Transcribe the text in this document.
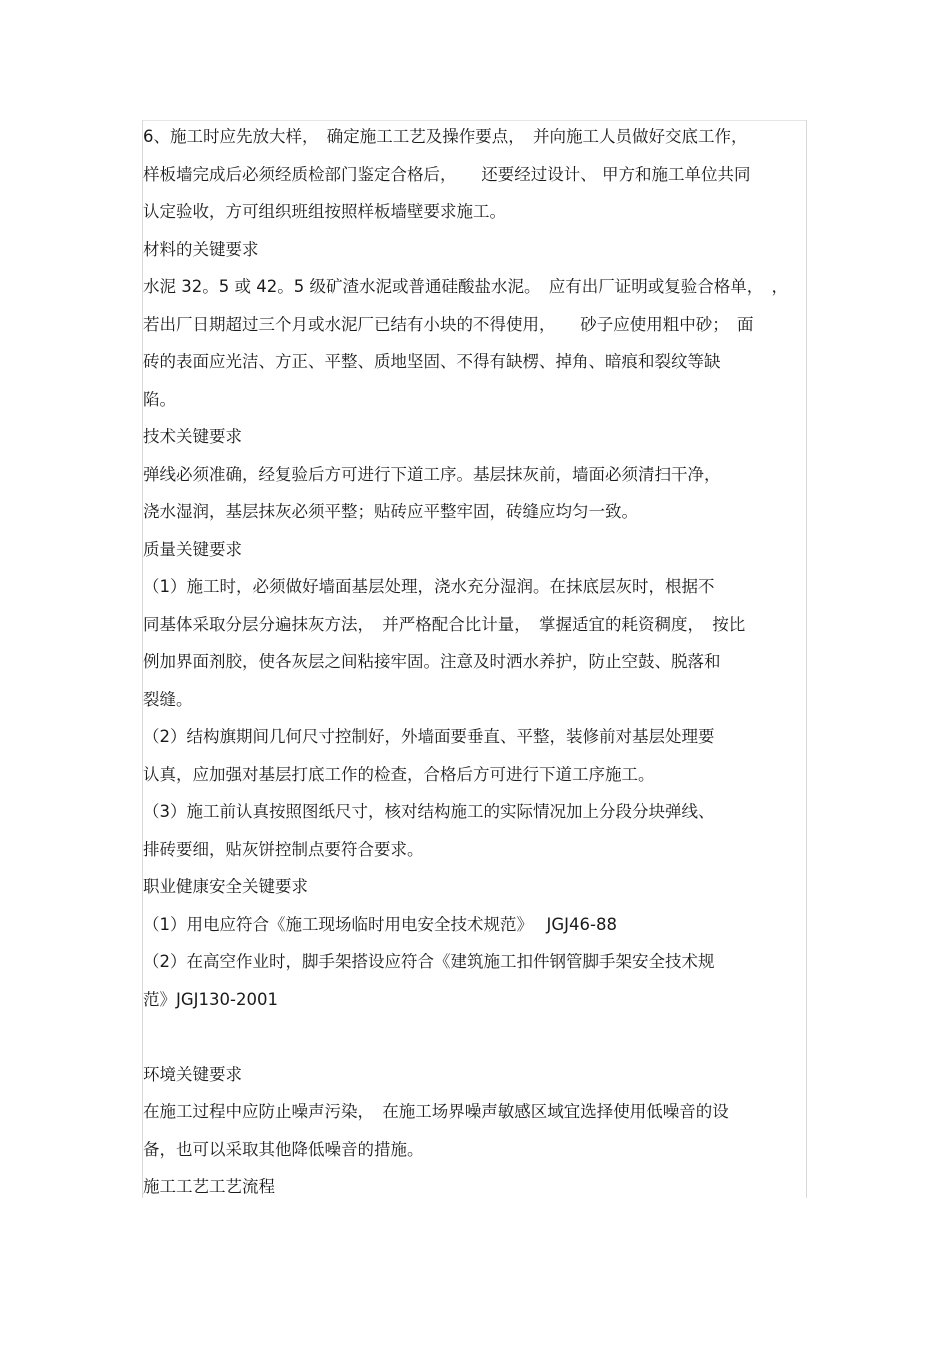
6、施工时应先放大样，　确定施工工艺及操作要点，　并向施工人员做好交底工作，
样板墙完成后必须经质检部门鉴定合格后，　　还要经过设计、 甲方和施工单位共同
认定验收，方可组织班组按照样板墙壁要求施工。
材料的关键要求
水泥 32。5 或 42。5 级矿渣水泥或普通硅酸盐水泥。　应有出厂证明或复验合格单，　，
若出厂日期超过三个月或水泥厂已结有小块的不得使用，　　砂子应使用粗中砂；　面
砖的表面应光洁、方正、平整、质地坚固、不得有缺楞、掉角、暗痕和裂纹等缺
陷。
技术关键要求
弹线必须准确，经复验后方可进行下道工序。基层抹灰前，墙面必须清扫干净，
浇水湿润，基层抹灰必须平整；贴砖应平整牢固，砖缝应均匀一致。
质量关键要求
（1）施工时，必须做好墙面基层处理，浇水充分湿润。在抹底层灰时，根据不
同基体采取分层分遍抹灰方法，　并严格配合比计量，　掌握适宜的耗资稠度，　按比
例加界面剂胶，使各灰层之间粘接牢固。注意及时洒水养护，防止空鼓、脱落和
裂缝。
（2）结构旗期间几何尺寸控制好，外墙面要垂直、平整，装修前对基层处理要
认真，应加强对基层打底工作的检查，合格后方可进行下道工序施工。
（3）施工前认真按照图纸尺寸，核对结构施工的实际情况加上分段分块弹线、
排砖要细，贴灰饼控制点要符合要求。
职业健康安全关键要求
（1）用电应符合《施工现场临时用电安全技术规范》　 JGJ46-88
（2）在高空作业时，脚手架搭设应符合《建筑施工扣件钢管脚手架安全技术规
范》JGJ130-2001
环境关键要求
在施工过程中应防止噪声污染，　在施工场界噪声敏感区域宜选择使用低噪音的设
备，也可以采取其他降低噪音的措施。
施工工艺工艺流程
